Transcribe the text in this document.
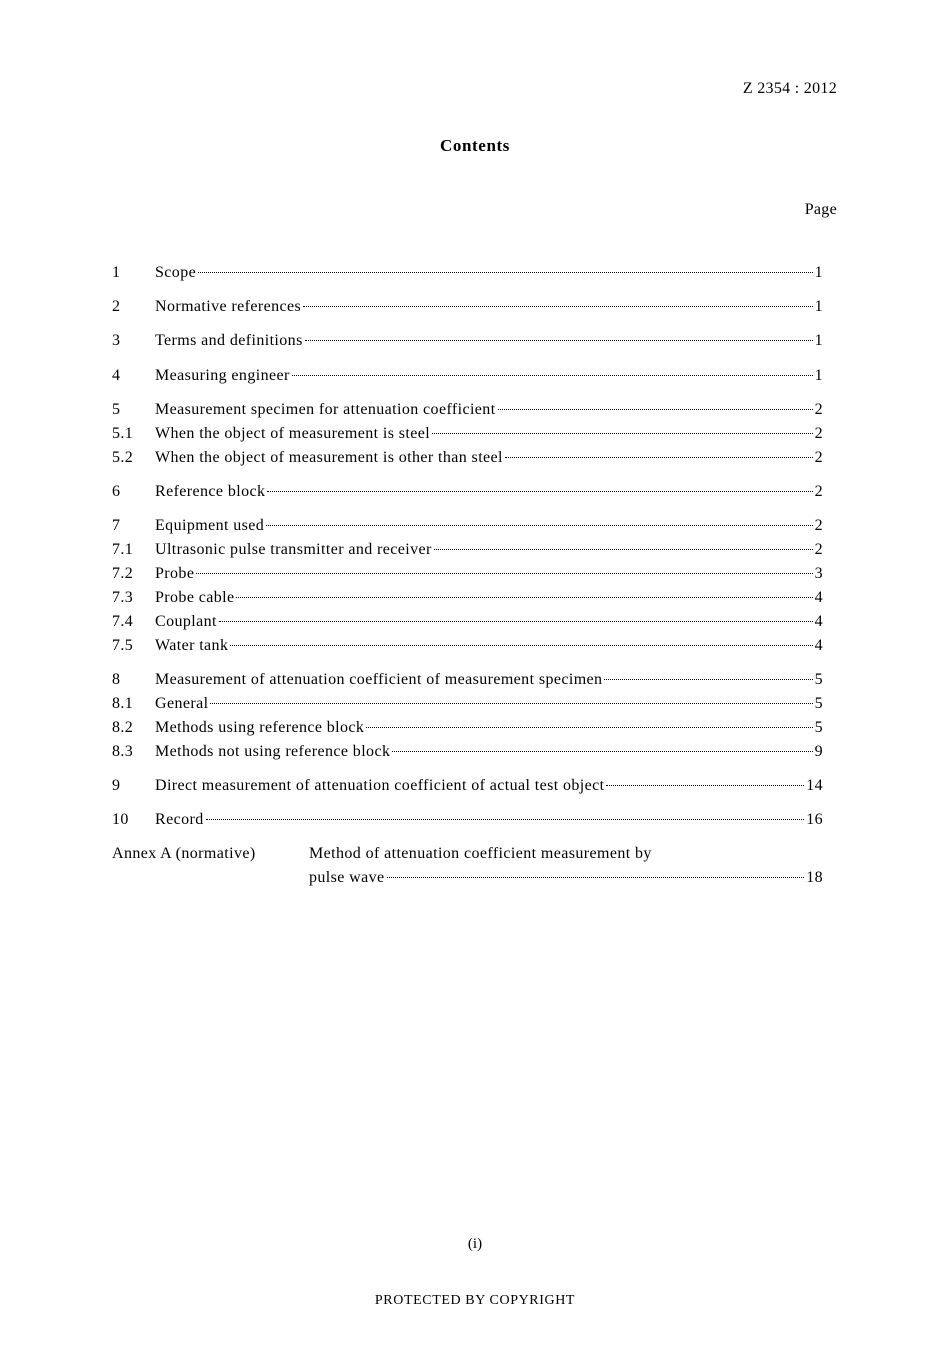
Z 2354 : 2012
Contents
Page
1	Scope	1
2	Normative references	1
3	Terms and definitions	1
4	Measuring engineer	1
5	Measurement specimen for attenuation coefficient	2
5.1	When the object of measurement is steel	2
5.2	When the object of measurement is other than steel	2
6	Reference block	2
7	Equipment used	2
7.1	Ultrasonic pulse transmitter and receiver	2
7.2	Probe	3
7.3	Probe cable	4
7.4	Couplant	4
7.5	Water tank	4
8	Measurement of attenuation coefficient of measurement specimen	5
8.1	General	5
8.2	Methods using reference block	5
8.3	Methods not using reference block	9
9	Direct measurement of attenuation coefficient of actual test object	14
10	Record	16
Annex A (normative)	Method of attenuation coefficient measurement by
pulse wave	18
(i)
PROTECTED BY COPYRIGHT
